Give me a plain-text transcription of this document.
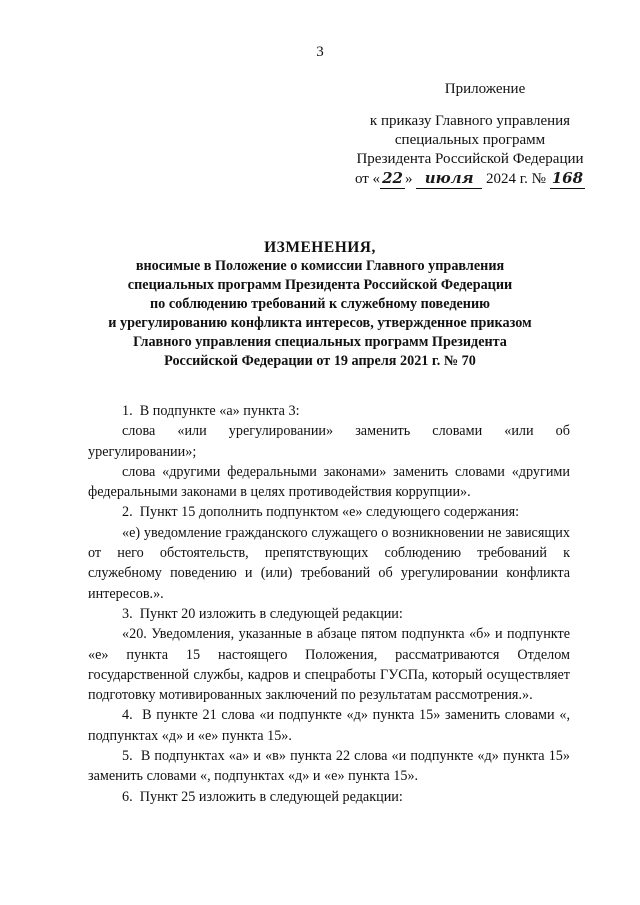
3
Приложение
к приказу Главного управления
специальных программ
Президента Российской Федерации
от « 22 » июля 2024 г. № 168
ИЗМЕНЕНИЯ,
вносимые в Положение о комиссии Главного управления
специальных программ Президента Российской Федерации
по соблюдению требований к служебному поведению
и урегулированию конфликта интересов, утвержденное приказом
Главного управления специальных программ Президента
Российской Федерации от 19 апреля 2021 г. № 70

1.  В подпункте «а» пункта 3:

слова «или урегулировании» заменить словами «или об урегулировании»;

слова «другими федеральными законами» заменить словами «другими федеральными законами в целях противодействия коррупции».

2.  Пункт 15 дополнить подпунктом «е» следующего содержания:

«е) уведомление гражданского служащего о возникновении не зависящих от него обстоятельств, препятствующих соблюдению требований к служебному поведению и (или) требований об урегулировании конфликта интересов.».

3.  Пункт 20 изложить в следующей редакции:

«20. Уведомления, указанные в абзаце пятом подпункта «б» и подпункте «е» пункта 15 настоящего Положения, рассматриваются Отделом государственной службы, кадров и спецработы ГУСПа, который осуществляет подготовку мотивированных заключений по результатам рассмотрения.».

4.  В пункте 21 слова «и подпункте «д» пункта 15» заменить словами «, подпунктах «д» и «е» пункта 15».

5.  В подпунктах «а» и «в» пункта 22 слова «и подпункте «д» пункта 15» заменить словами «, подпунктах «д» и «е» пункта 15».

6.  Пункт 25 изложить в следующей редакции:
